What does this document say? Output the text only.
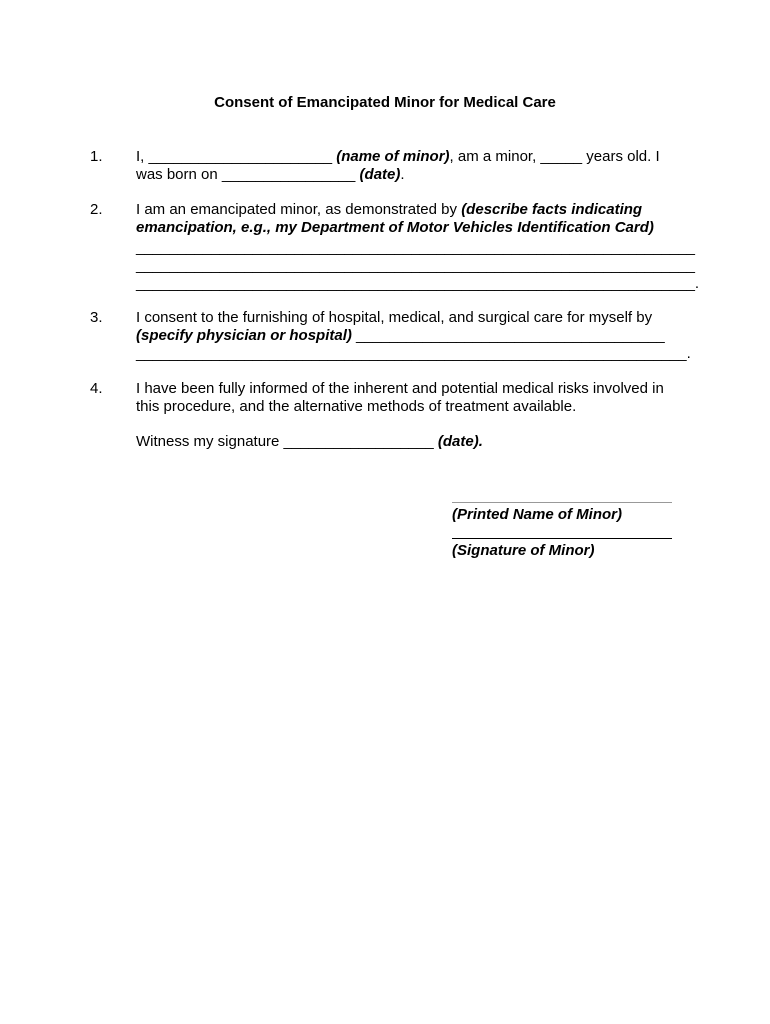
Consent of Emancipated Minor for Medical Care
1. I, ______________________ (name of minor), am a minor, _____ years old. I
was born on ________________ (date).
2. I am an emancipated minor, as demonstrated by (describe facts indicating emancipation, e.g., my Department of Motor Vehicles Identification Card)
___________________________________________________________________
___________________________________________________________________
___________________________________________________________________.
3. I consent to the furnishing of hospital, medical, and surgical care for myself by
(specify physician or hospital) _____________________________________
__________________________________________________________________.
4. I have been fully informed of the inherent and potential medical risks involved in this procedure, and the alternative methods of treatment available.
Witness my signature __________________ (date).
(Printed Name of Minor)
(Signature of Minor)
